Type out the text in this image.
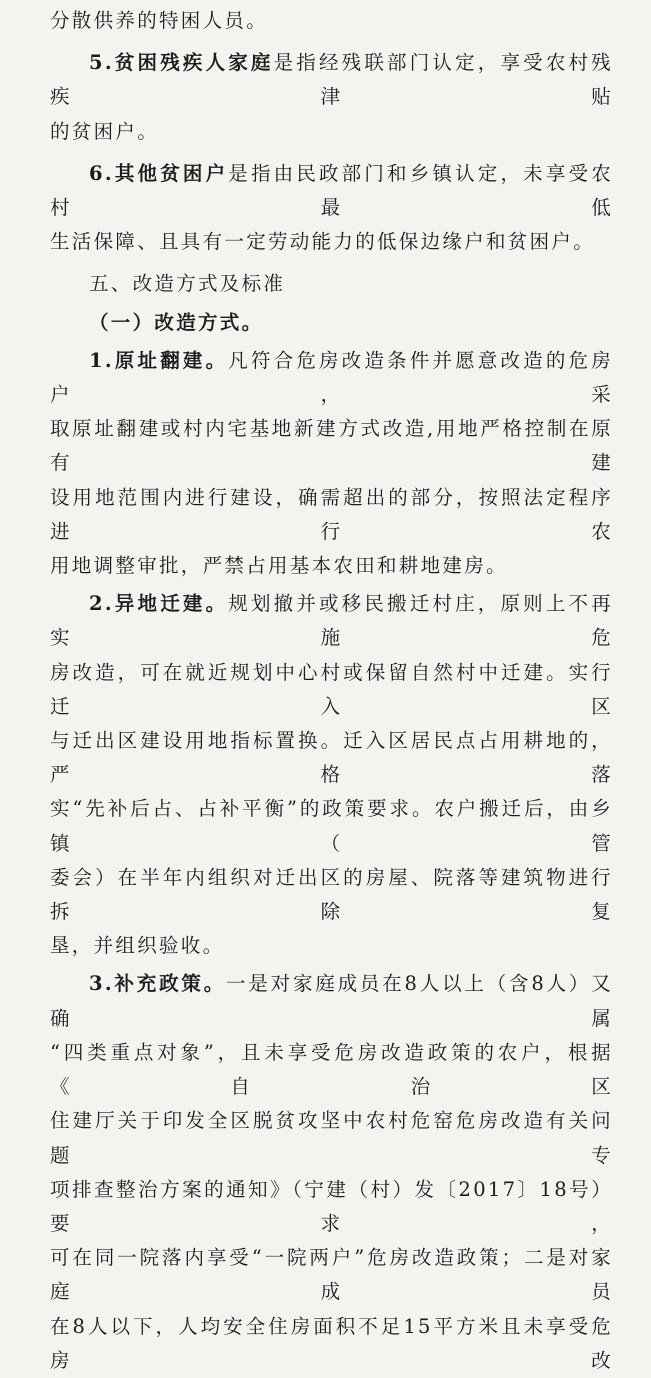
分散供养的特困人员。

5.贫困残疾人家庭是指经残联部门认定，享受农村残疾津贴

的贫困户。

6.其他贫困户是指由民政部门和乡镇认定，未享受农村最低

生活保障、且具有一定劳动能力的低保边缘户和贫困户。

五、改造方式及标准

（一）改造方式。

1.原址翻建。凡符合危房改造条件并愿意改造的危房户，采

取原址翻建或村内宅基地新建方式改造,用地严格控制在原有建

设用地范围内进行建设，确需超出的部分，按照法定程序进行农

用地调整审批，严禁占用基本农田和耕地建房。

2.异地迁建。规划撤并或移民搬迁村庄，原则上不再实施危

房改造，可在就近规划中心村或保留自然村中迁建。实行迁入区

与迁出区建设用地指标置换。迁入区居民点占用耕地的，严格落

实“先补后占、占补平衡”的政策要求。农户搬迁后，由乡镇（管

委会）在半年内组织对迁出区的房屋、院落等建筑物进行拆除复

垦，并组织验收。

3.补充政策。一是对家庭成员在8人以上（含8人）又确属

“四类重点对象”，且未享受危房改造政策的农户，根据《自治区

住建厅关于印发全区脱贫攻坚中农村危窑危房改造有关问题专

项排查整治方案的通知》（宁建（村）发〔2017〕18号）要求，

可在同一院落内享受“一院两户”危房改造政策；二是对家庭成员

在8人以下，人均安全住房面积不足15平方米且未享受危房改
